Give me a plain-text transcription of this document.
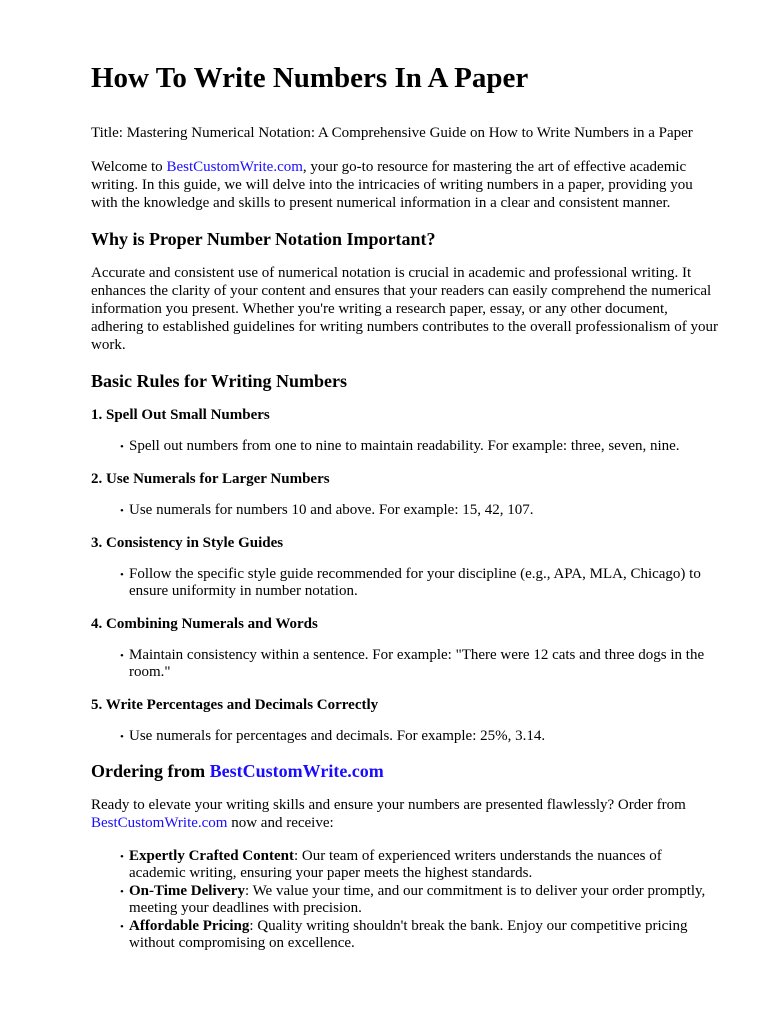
How To Write Numbers In A Paper

Title: Mastering Numerical Notation: A Comprehensive Guide on How to Write Numbers in a Paper

Welcome to BestCustomWrite.com, your go-to resource for mastering the art of effective academic writing. In this guide, we will delve into the intricacies of writing numbers in a paper, providing you with the knowledge and skills to present numerical information in a clear and consistent manner.

Why is Proper Number Notation Important?

Accurate and consistent use of numerical notation is crucial in academic and professional writing. It enhances the clarity of your content and ensures that your readers can easily comprehend the numerical information you present. Whether you're writing a research paper, essay, or any other document, adhering to established guidelines for writing numbers contributes to the overall professionalism of your work.

Basic Rules for Writing Numbers
1. Spell Out Small Numbers
• Spell out numbers from one to nine to maintain readability. For example: three, seven, nine.
2. Use Numerals for Larger Numbers
• Use numerals for numbers 10 and above. For example: 15, 42, 107.
3. Consistency in Style Guides
• Follow the specific style guide recommended for your discipline (e.g., APA, MLA, Chicago) to ensure uniformity in number notation.
4. Combining Numerals and Words
• Maintain consistency within a sentence. For example: "There were 12 cats and three dogs in the room."
5. Write Percentages and Decimals Correctly
• Use numerals for percentages and decimals. For example: 25%, 3.14.
Ordering from BestCustomWrite.com

Ready to elevate your writing skills and ensure your numbers are presented flawlessly? Order from BestCustomWrite.com now and receive:

• Expertly Crafted Content: Our team of experienced writers understands the nuances of academic writing, ensuring your paper meets the highest standards.
• On-Time Delivery: We value your time, and our commitment is to deliver your order promptly, meeting your deadlines with precision.
• Affordable Pricing: Quality writing shouldn't break the bank. Enjoy our competitive pricing without compromising on excellence.
